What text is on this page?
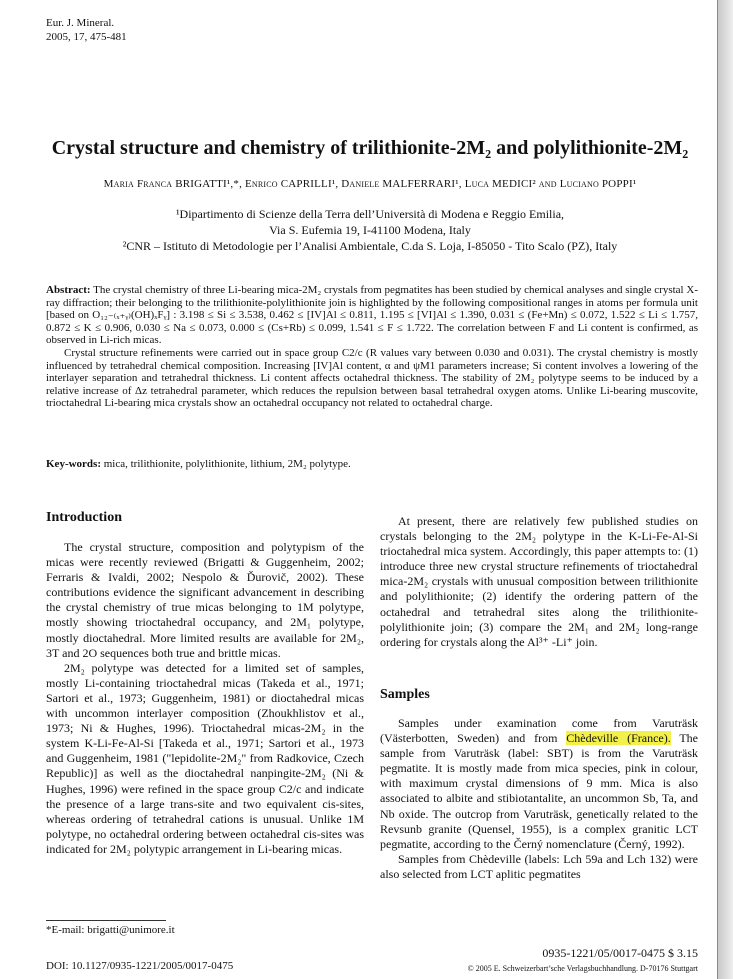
Eur. J. Mineral.
2005, 17, 475-481
Crystal structure and chemistry of trilithionite-2M₂ and polylithionite-2M₂
Maria Franca BRIGATTI¹,*, Enrico CAPRILLI¹, Daniele MALFERRARI¹, Luca MEDICI² and Luciano POPPI¹
¹Dipartimento di Scienze della Terra dell’Università di Modena e Reggio Emilia,
Via S. Eufemia 19, I-41100 Modena, Italy
²CNR – Istituto di Metodologie per l’Analisi Ambientale, C.da S. Loja, I-85050 - Tito Scalo (PZ), Italy

Abstract: The crystal chemistry of three Li-bearing mica-2M₂ crystals from pegmatites has been studied by chemical analyses and single crystal X-ray diffraction; their belonging to the trilithionite-polylithionite join is highlighted by the following compositional ranges in atoms per formula unit [based on O₁₂₋₍ₓ₊ᵧ₎(OH)ₓFᵧ] : 3.198 ≤ Si ≤ 3.538, 0.462 ≤ [IV]Al ≤ 0.811, 1.195 ≤ [VI]Al ≤ 1.390, 0.031 ≤ (Fe+Mn) ≤ 0.072, 1.522 ≤ Li ≤ 1.757, 0.872 ≤ K ≤ 0.906, 0.030 ≤ Na ≤ 0.073, 0.000 ≤ (Cs+Rb) ≤ 0.099, 1.541 ≤ F ≤ 1.722. The correlation between F and Li content is confirmed, as observed in Li-rich micas.

Crystal structure refinements were carried out in space group C2/c (R values vary between 0.030 and 0.031). The crystal chemistry is mostly influenced by tetrahedral chemical composition. Increasing [IV]Al content, α and ψM1 parameters increase; Si content involves a lowering of the interlayer separation and tetrahedral thickness. Li content affects octahedral thickness. The stability of 2M₂ polytype seems to be induced by a relative increase of Δz tetrahedral parameter, which reduces the repulsion between basal tetrahedral oxygen atoms. Unlike Li-bearing muscovite, trioctahedral Li-bearing mica crystals show an octahedral occupancy not related to octahedral charge.

Key-words: mica, trilithionite, polylithionite, lithium, 2M₂ polytype.
Introduction

The crystal structure, composition and polytypism of the micas were recently reviewed (Brigatti & Guggenheim, 2002; Ferraris & Ivaldi, 2002; Nespolo & Ďurovič, 2002). These contributions evidence the significant advancement in describing the crystal chemistry of true micas belonging to 1M polytype, mostly showing trioctahedral occupancy, and 2M₁ polytype, mostly dioctahedral. More limited results are available for 2M₂, 3T and 2O sequences both true and brittle micas.

2M₂ polytype was detected for a limited set of samples, mostly Li-containing trioctahedral micas (Takeda et al., 1971; Sartori et al., 1973; Guggenheim, 1981) or dioctahedral micas with uncommon interlayer composition (Zhoukhlistov et al., 1973; Ni & Hughes, 1996). Trioctahedral micas-2M₂ in the system K-Li-Fe-Al-Si [Takeda et al., 1971; Sartori et al., 1973 and Guggenheim, 1981 ("lepidolite-2M₂" from Radkovice, Czech Republic)] as well as the dioctahedral nanpingite-2M₂ (Ni & Hughes, 1996) were refined in the space group C2/c and indicate the presence of a large trans-site and two equivalent cis-sites, whereas ordering of tetrahedral cations is unusual. Unlike 1M polytype, no octahedral ordering between octahedral cis-sites was indicated for 2M₂ polytypic arrangement in Li-bearing micas.

At present, there are relatively few published studies on crystals belonging to the 2M₂ polytype in the K-Li-Fe-Al-Si trioctahedral mica system. Accordingly, this paper attempts to: (1) introduce three new crystal structure refinements of trioctahedral mica-2M₂ crystals with unusual composition between trilithionite and polylithionite; (2) identify the ordering pattern of the octahedral and tetrahedral sites along the trilithionite-polylithionite join; (3) compare the 2M₁ and 2M₂ long-range ordering for crystals along the Al³⁺ -Li⁺ join.

Samples

Samples under examination come from Varuträsk (Västerbotten, Sweden) and from Chèdeville (France). The sample from Varuträsk (label: SBT) is from the Varuträsk pegmatite. It is mostly made from mica species, pink in colour, with maximum crystal dimensions of 9 mm. Mica is also associated to albite and stibiotantalite, an uncommon Sb, Ta, and Nb oxide. The outcrop from Varuträsk, genetically related to the Revsunb granite (Quensel, 1955), is a complex granitic LCT pegmatite, according to the Černý nomenclature (Černý, 1992).

Samples from Chèdeville (labels: Lch 59a and Lch 132) were also selected from LCT aplitic pegmatites

*E-mail: brigatti@unimore.it
DOI: 10.1127/0935-1221/2005/0017-0475
0935-1221/05/0017-0475 $ 3.15
© 2005 E. Schweizerbart’sche Verlagsbuchhandlung. D-70176 Stuttgart
